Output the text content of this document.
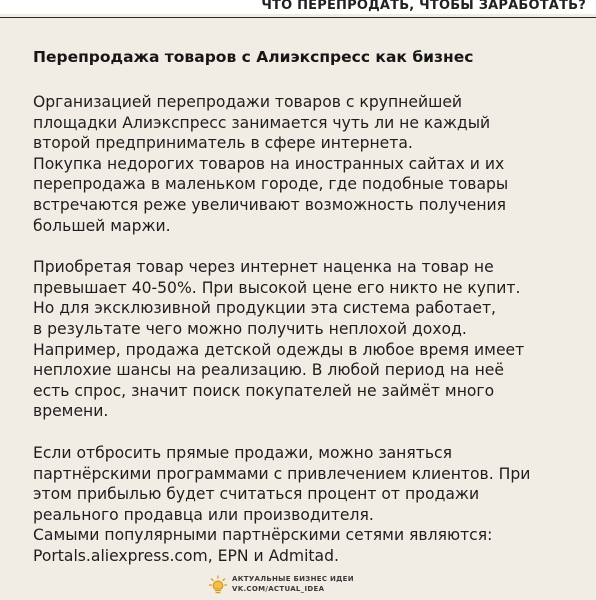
ЧТО ПЕРЕПРОДАТЬ, ЧТОБЫ ЗАРАБОТАТЬ?
Перепродажа товаров с Алиэкспресс как бизнес

Организацией перепродажи товаров с крупнейшей
площадки Алиэкспресс занимается чуть ли не каждый
второй предприниматель в сфере интернета.
Покупка недорогих товаров на иностранных сайтах и их
перепродажа в маленьком городе, где подобные товары
встречаются реже увеличивают возможность получения
большей маржи.

Приобретая товар через интернет наценка на товар не
превышает 40-50%. При высокой цене его никто не купит.
Но для эксклюзивной продукции эта система работает,
в результате чего можно получить неплохой доход.
Например, продажа детской одежды в любое время имеет
неплохие шансы на реализацию. В любой период на неё
есть спрос, значит поиск покупателей не займёт много
времени.

Если отбросить прямые продажи, можно заняться
партнёрскими программами с привлечением клиентов. При
этом прибылью будет считаться процент от продажи
реального продавца или производителя.
Самыми популярными партнёрскими сетями являются:
Portals.aliexpress.com, EPN и Admitad.

АКТУАЛЬНЫЕ БИЗНЕС ИДЕИ
VK.COM/ACTUAL_IDEA
